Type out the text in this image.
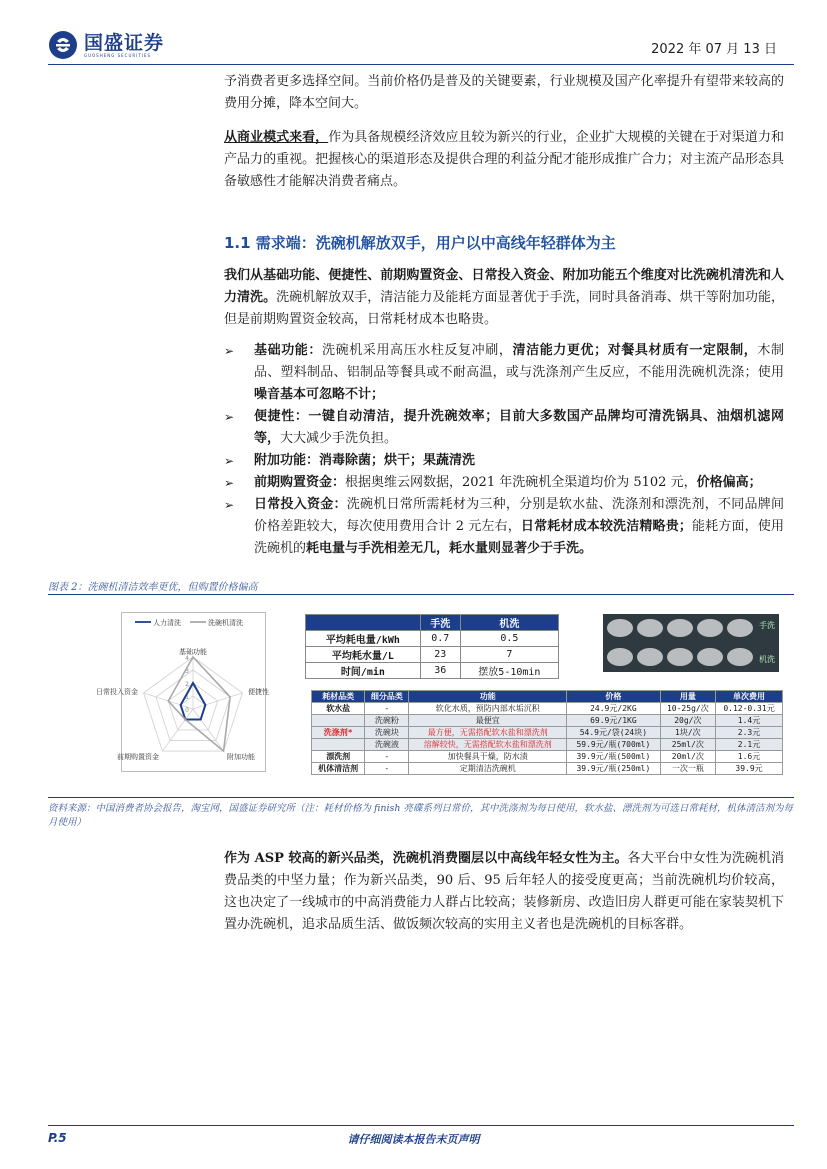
国盛证券
GUOSHENG SECURITIES	2022 年 07 月 13 日

予消费者更多选择空间。当前价格仍是普及的关键要素，行业规模及国产化率提升有望带来较高的费用分摊，降本空间大。

从商业模式来看，作为具备规模经济效应且较为新兴的行业，企业扩大规模的关键在于对渠道力和产品力的重视。把握核心的渠道形态及提供合理的利益分配才能形成推广合力；对主流产品形态具备敏感性才能解决消费者痛点。

1.1 需求端：洗碗机解放双手，用户以中高线年轻群体为主

我们从基础功能、便捷性、前期购置资金、日常投入资金、附加功能五个维度对比洗碗机清洗和人力清洗。洗碗机解放双手，清洁能力及能耗方面显著优于手洗，同时具备消毒、烘干等附加功能，但是前期购置资金较高，日常耗材成本也略贵。

➢ 基础功能：洗碗机采用高压水柱反复冲刷，清洁能力更优；对餐具材质有一定限制，木制品、塑料制品、铝制品等餐具或不耐高温，或与洗涤剂产生反应，不能用洗碗机洗涤；使用噪音基本可忽略不计；
➢ 便捷性：一键自动清洁，提升洗碗效率；目前大多数国产品牌均可清洗锅具、油烟机滤网等，大大减少手洗负担。
➢ 附加功能：消毒除菌；烘干；果蔬清洗
➢ 前期购置资金：根据奥维云网数据，2021 年洗碗机全渠道均价为 5102 元，价格偏高；
➢ 日常投入资金：洗碗机日常所需耗材为三种，分别是软水盐、洗涤剂和漂洗剂，不同品牌间价格差距较大，每次使用费用合计 2 元左右，日常耗材成本较洗洁精略贵；能耗方面，使用洗碗机的耗电量与手洗相差无几，耗水量则显著少于手洗。
图表 2：洗碗机清洁效率更优，但购置价格偏高
基础功能
便捷性
附加功能
前期购置资金
日常投入资金
4
3
2
1
0
人力清洗	洗碗机清洗
		手洗	机洗
平均耗电量/kWh	0.7	0.5
平均耗水量/L	23	7
时间/min	36	摆放5-10min
手洗
机洗
耗材品类	细分品类	功能	价格	用量	单次费用
软水盐	-	软化水质，预防内部水垢沉积	24.9元/2KG	10-25g/次	0.12-0.31元
	洗碗粉	最便宜	69.9元/1KG	20g/次	1.4元
洗涤剂*	洗碗块	最方便，无需搭配软水盐和漂洗剂	54.9元/袋(24块)	1块/次	2.3元
	洗碗液	溶解较快，无需搭配软水盐和漂洗剂	59.9元/瓶(700ml)	25ml/次	2.1元
漂洗剂	-	加快餐具干燥，防水渍	39.9元/瓶(500ml)	20ml/次	1.6元
机体清洁剂	-	定期清洁洗碗机	39.9元/瓶(250ml)	一次一瓶	39.9元
资料来源：中国消费者协会报告，淘宝网，国盛证券研究所（注：耗材价格为 finish 亮碟系列日常价，其中洗涤剂为每日使用，软水盐、漂洗剂为可选日常耗材，机体清洁剂为每月使用）

作为 ASP 较高的新兴品类，洗碗机消费圈层以中高线年轻女性为主。各大平台中女性为洗碗机消费品类的中坚力量；作为新兴品类，90 后、95 后年轻人的接受度更高；当前洗碗机均价较高，这也决定了一线城市的中高消费能力人群占比较高；装修新房、改造旧房人群更可能在家装契机下置办洗碗机，追求品质生活、做饭频次较高的实用主义者也是洗碗机的目标客群。

P.5	请仔细阅读本报告末页声明
